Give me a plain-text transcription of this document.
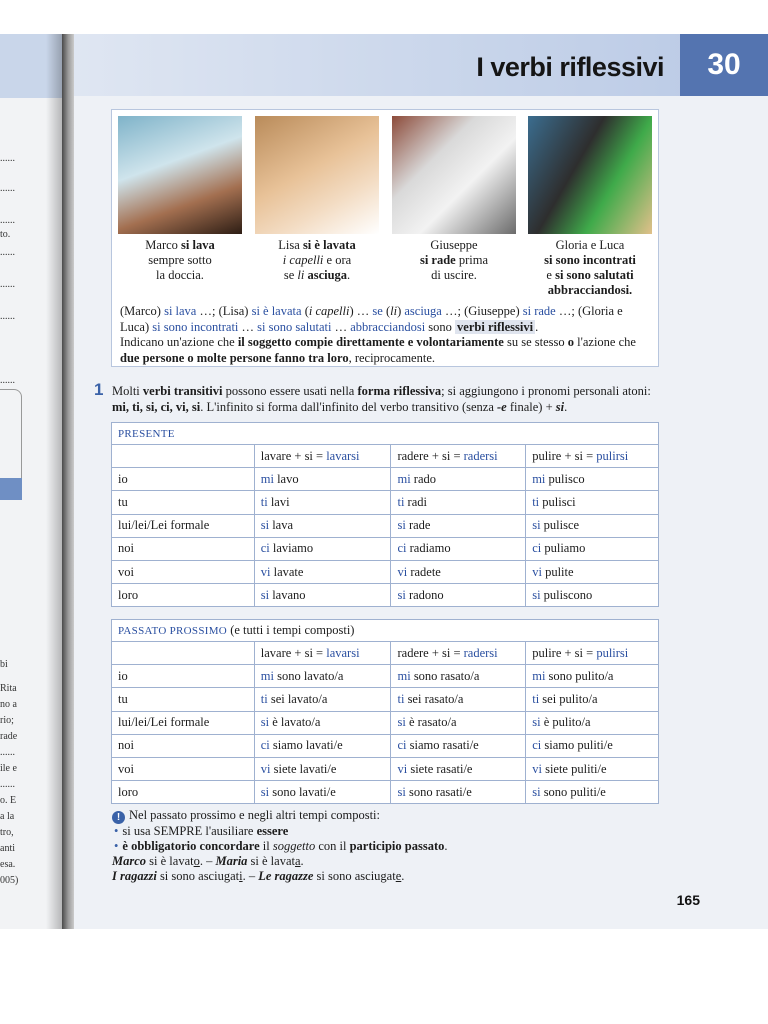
......
......
......
to.
......
......
......
......
bi
Rita
no a
rio;
rade
......
ile e
......
o. E
a la
tro,
anti
esa.
005)
I verbi riflessivi	30
Marco si lava
sempre sotto
la doccia.
Lisa si è lavata
i capelli e ora
se li asciuga.
Giuseppe
si rade prima
di uscire.
Gloria e Luca
si sono incontrati
e si sono salutati
abbracciandosi.
(Marco) si lava …; (Lisa) si è lavata (i capelli) … se (li) asciuga …; (Giuseppe) si rade …; (Gloria e Luca) si sono incontrati … si sono salutati … abbracciandosi sono verbi riflessivi .
Indicano un'azione che il soggetto compie direttamente e volontariamente su se stesso o l'azione che due persone o molte persone fanno tra loro, reciprocamente.
1 Molti verbi transitivi possono essere usati nella forma riflessiva; si aggiungono i pronomi personali atoni: mi, ti, si, ci, vi, si. L'infinito si forma dall'infinito del verbo transitivo (senza -e finale) + si.
PRESENTE			
	lavare + si = lavarsi	radere + si = radersi	pulire + si = pulirsi
io	mi lavo	mi rado	mi pulisco
tu	ti lavi	ti radi	ti pulisci
lui/lei/Lei formale	si lava	si rade	si pulisce
noi	ci laviamo	ci radiamo	ci puliamo
voi	vi lavate	vi radete	vi pulite
loro	si lavano	si radono	si puliscono
PASSATO PROSSIMO (e tutti i tempi composti)			
	lavare + si = lavarsi	radere + si = radersi	pulire + si = pulirsi
io	mi sono lavato/a	mi sono rasato/a	mi sono pulito/a
tu	ti sei lavato/a	ti sei rasato/a	ti sei pulito/a
lui/lei/Lei formale	si è lavato/a	si è rasato/a	si è pulito/a
noi	ci siamo lavati/e	ci siamo rasati/e	ci siamo puliti/e
voi	vi siete lavati/e	vi siete rasati/e	vi siete puliti/e
loro	si sono lavati/e	si sono rasati/e	si sono puliti/e
! Nel passato prossimo e negli altri tempi composti:
• si usa SEMPRE l'ausiliare essere
• è obbligatorio concordare il soggetto con il participio passato.
Marco si è lavato. – Maria si è lavata.
I ragazzi si sono asciugati. – Le ragazze si sono asciugate.
165
